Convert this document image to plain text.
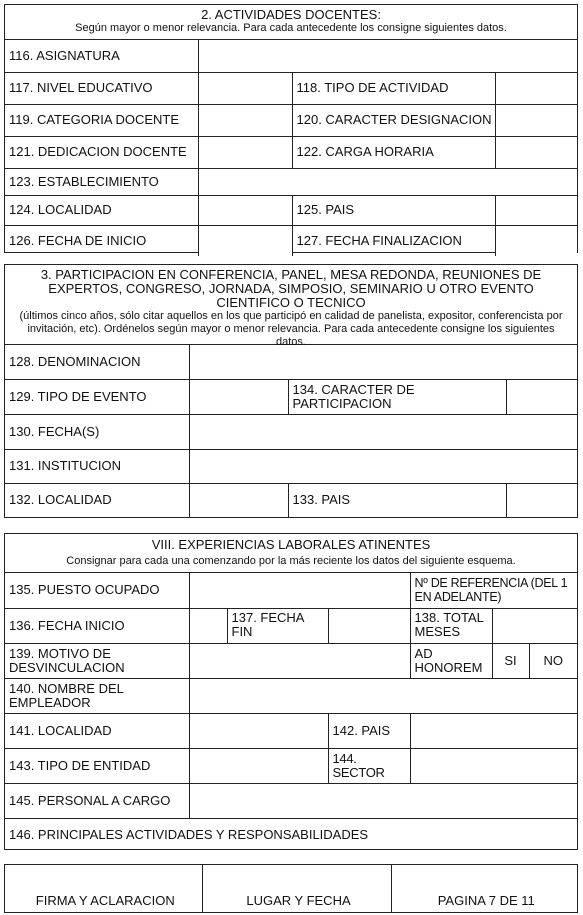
2. ACTIVIDADES DOCENTES:
Según mayor o menor relevancia. Para cada antecedente los consigne siguientes datos.
116. ASIGNATURA			
117. NIVEL EDUCATIVO		118. TIPO DE ACTIVIDAD	
119. CATEGORIA DOCENTE		120. CARACTER DESIGNACION	
121. DEDICACION DOCENTE		122. CARGA HORARIA	
123. ESTABLECIMIENTO			
124. LOCALIDAD		125. PAIS	
126. FECHA DE INICIO		127. FECHA FINALIZACION	
3. PARTICIPACION EN CONFERENCIA, PANEL, MESA REDONDA, REUNIONES DE EXPERTOS, CONGRESO, JORNADA, SIMPOSIO, SEMINARIO U OTRO EVENTO CIENTIFICO O TECNICO
(últimos cinco años, sólo citar aquellos en los que participó en calidad de panelista, expositor, conferencista por invitación, etc). Ordénelos según mayor o menor relevancia. Para cada antecedente consigne los siguientes datos.
128. DENOMINACION			
129. TIPO DE EVENTO		134. CARACTER DE PARTICIPACION	
130. FECHA(S)			
131. INSTITUCION			
132. LOCALIDAD		133. PAIS	
VIII. EXPERIENCIAS LABORALES ATINENTES
Consignar para cada una comenzando por la más reciente los datos del siguiente esquema.
135. PUESTO OCUPADO				Nº DE REFERENCIA (DEL 1 EN ADELANTE)		
136. FECHA INICIO		137. FECHA FIN		138. TOTAL MESES		
139. MOTIVO DE DESVINCULACION				AD HONOREM	SI	NO
140. NOMBRE DEL EMPLEADOR						
141. LOCALIDAD			142. PAIS			
143. TIPO DE ENTIDAD			144. SECTOR			
145. PERSONAL A CARGO						
146. PRINCIPALES ACTIVIDADES Y RESPONSABILIDADES						
FIRMA Y ACLARACION	LUGAR Y FECHA	PAGINA 7 DE 11
